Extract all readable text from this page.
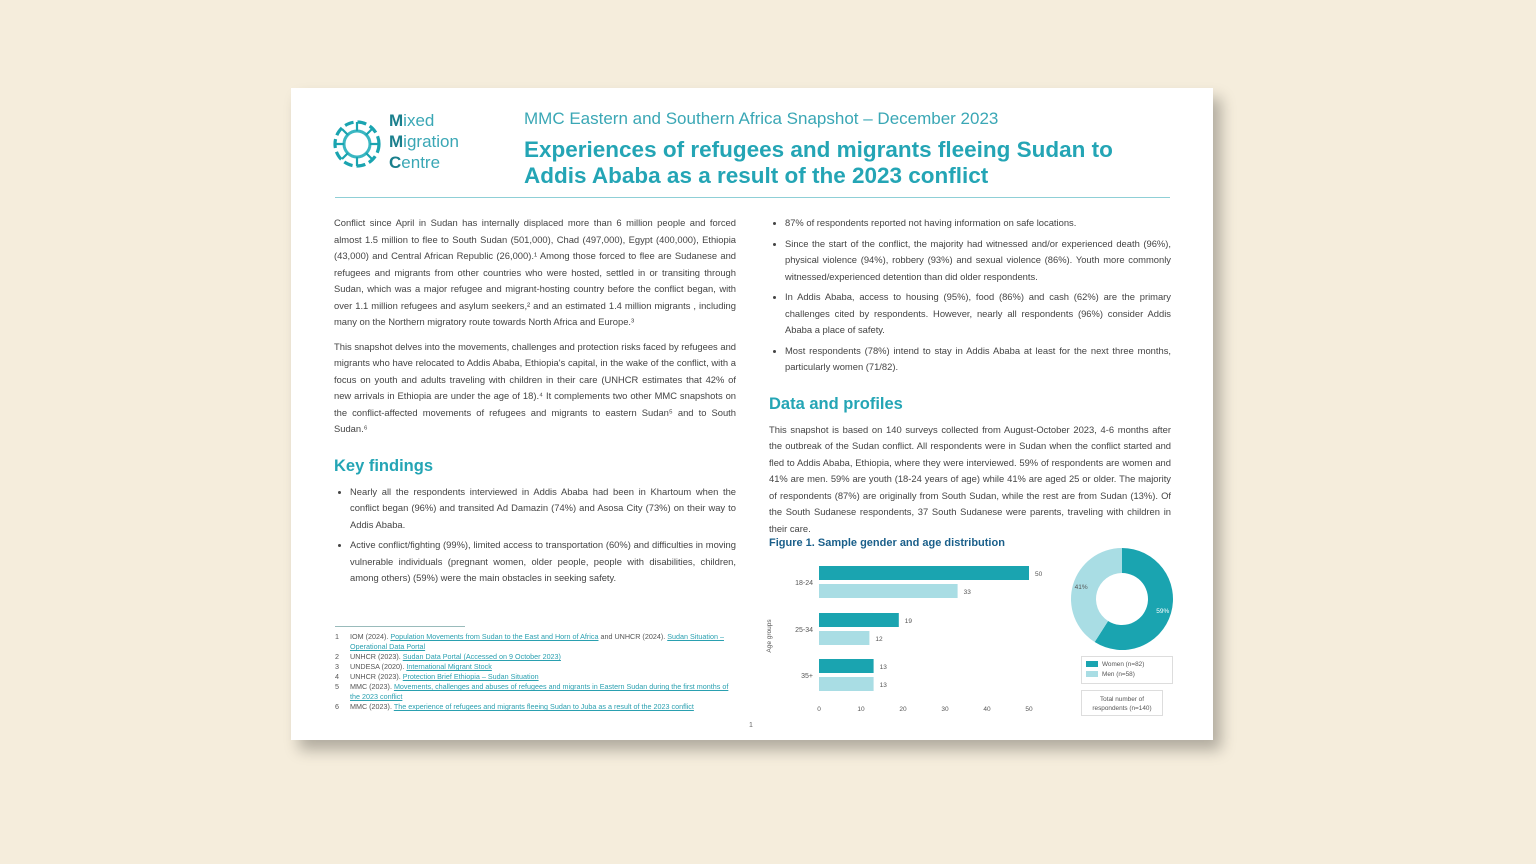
Mixed
Migration
Centre
MMC Eastern and Southern Africa Snapshot – December 2023
Experiences of refugees and migrants fleeing Sudan to Addis Ababa as a result of the 2023 conflict

Conflict since April in Sudan has internally displaced more than 6 million people and forced almost 1.5 million to flee to South Sudan (501,000), Chad (497,000), Egypt (400,000), Ethiopia (43,000) and Central African Republic (26,000).¹ Among those forced to flee are Sudanese and refugees and migrants from other countries who were hosted, settled in or transiting through Sudan, which was a major refugee and migrant-hosting country before the conflict began, with over 1.1 million refugees and asylum seekers,² and an estimated 1.4 million migrants , including many on the Northern migratory route towards North Africa and Europe.³

This snapshot delves into the movements, challenges and protection risks faced by refugees and migrants who have relocated to Addis Ababa, Ethiopia's capital, in the wake of the conflict, with a focus on youth and adults traveling with children in their care (UNHCR estimates that 42% of new arrivals in Ethiopia are under the age of 18).⁴ It complements two other MMC snapshots on the conflict-affected movements of refugees and migrants to eastern Sudan⁵ and to South Sudan.⁶

Key findings
• Nearly all the respondents interviewed in Addis Ababa had been in Khartoum when the conflict began (96%) and transited Ad Damazin (74%) and Asosa City (73%) on their way to Addis Ababa.
• Active conflict/fighting (99%), limited access to transportation (60%) and difficulties in moving vulnerable individuals (pregnant women, older people, people with disabilities, children, among others) (59%) were the main obstacles in seeking safety.
1	IOM (2024). Population Movements from Sudan to the East and Horn of Africa and UNHCR (2024). Sudan Situation – Operational Data Portal
2	UNHCR (2023). Sudan Data Portal (Accessed on 9 October 2023)
3	UNDESA (2020). International Migrant Stock
4	UNHCR (2023). Protection Brief Ethiopia – Sudan Situation
5	MMC (2023). Movements, challenges and abuses of refugees and migrants in Eastern Sudan during the first months of the 2023 conflict
6	MMC (2023). The experience of refugees and migrants fleeing Sudan to Juba as a result of the 2023 conflict
• 87% of respondents reported not having information on safe locations.
• Since the start of the conflict, the majority had witnessed and/or experienced death (96%), physical violence (94%), robbery (93%) and sexual violence (86%). Youth more commonly witnessed/experienced detention than did older respondents.
• In Addis Ababa, access to housing (95%), food (86%) and cash (62%) are the primary challenges cited by respondents. However, nearly all respondents (96%) consider Addis Ababa a place of safety.
• Most respondents (78%) intend to stay in Addis Ababa at least for the next three months, particularly women (71/82).
Data and profiles

This snapshot is based on 140 surveys collected from August-October 2023, 4-6 months after the outbreak of the Sudan conflict. All respondents were in Sudan when the conflict started and fled to Addis Ababa, Ethiopia, where they were interviewed. 59% of respondents are women and 41% are men. 59% are youth (18-24 years of age) while 41% are aged 25 or older. The majority of respondents (87%) are originally from South Sudan, while the rest are from Sudan (13%). Of the South Sudanese respondents, 37 South Sudanese were parents, traveling with children in their care.

Figure 1. Sample gender and age distribution
Age groups
18-24
50
33
25-34
19
12
35+
13
13
0	10	20	30	40	50
59%
41%
Women (n=82)
Men (n=58)
Total number of respondents (n=140)
1
